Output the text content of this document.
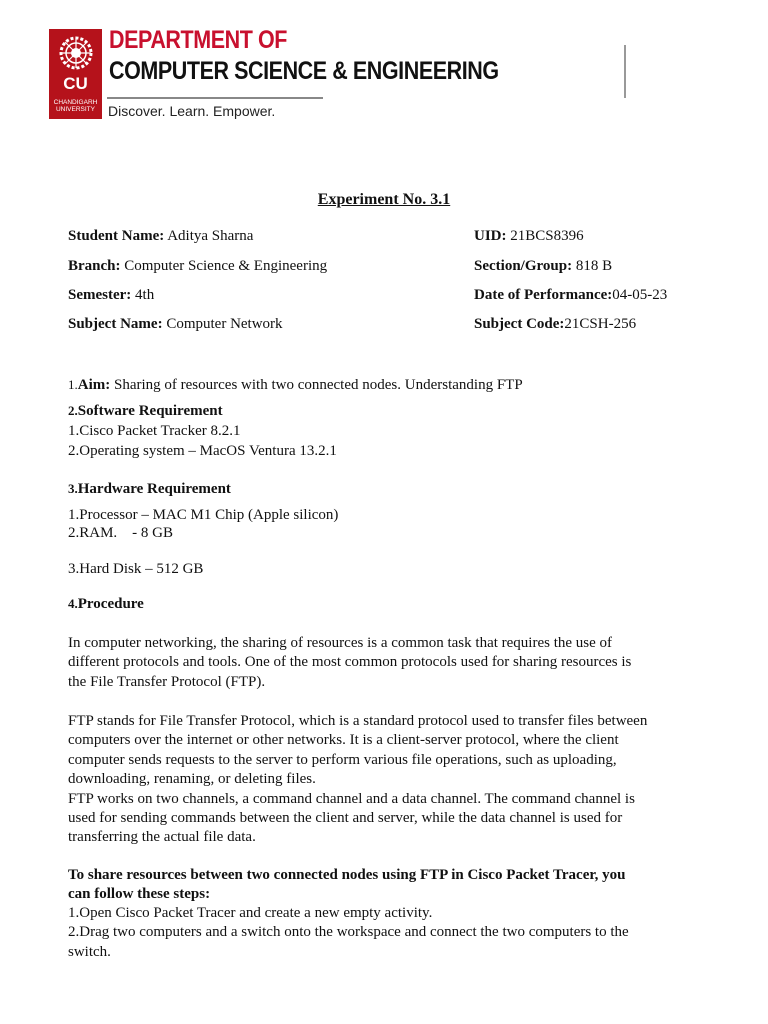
CU
CHANDIGARH UNIVERSITY
DEPARTMENT OF
COMPUTER SCIENCE & ENGINEERING
Discover. Learn. Empower.
Experiment No. 3.1
Student Name: Aditya Sharna	UID: 21BCS8396
Branch: Computer Science & Engineering	Section/Group: 818 B
Semester: 4th	Date of Performance:04-05-23
Subject Name: Computer Network	Subject Code:21CSH-256
1.Aim: Sharing of resources with two connected nodes. Understanding FTP
2.Software Requirement
1.Cisco Packet Tracker 8.2.1
2.Operating system – MacOS Ventura 13.2.1
3.Hardware Requirement
1.Processor – MAC M1 Chip (Apple silicon)
2.RAM.    - 8 GB
3.Hard Disk – 512 GB
4.Procedure
In computer networking, the sharing of resources is a common task that requires the use of
different protocols and tools. One of the most common protocols used for sharing resources is
the File Transfer Protocol (FTP).
FTP stands for File Transfer Protocol, which is a standard protocol used to transfer files between
computers over the internet or other networks. It is a client-server protocol, where the client
computer sends requests to the server to perform various file operations, such as uploading,
downloading, renaming, or deleting files.
FTP works on two channels, a command channel and a data channel. The command channel is
used for sending commands between the client and server, while the data channel is used for
transferring the actual file data.
To share resources between two connected nodes using FTP in Cisco Packet Tracer, you
can follow these steps:
1.Open Cisco Packet Tracer and create a new empty activity.
2.Drag two computers and a switch onto the workspace and connect the two computers to the
switch.
